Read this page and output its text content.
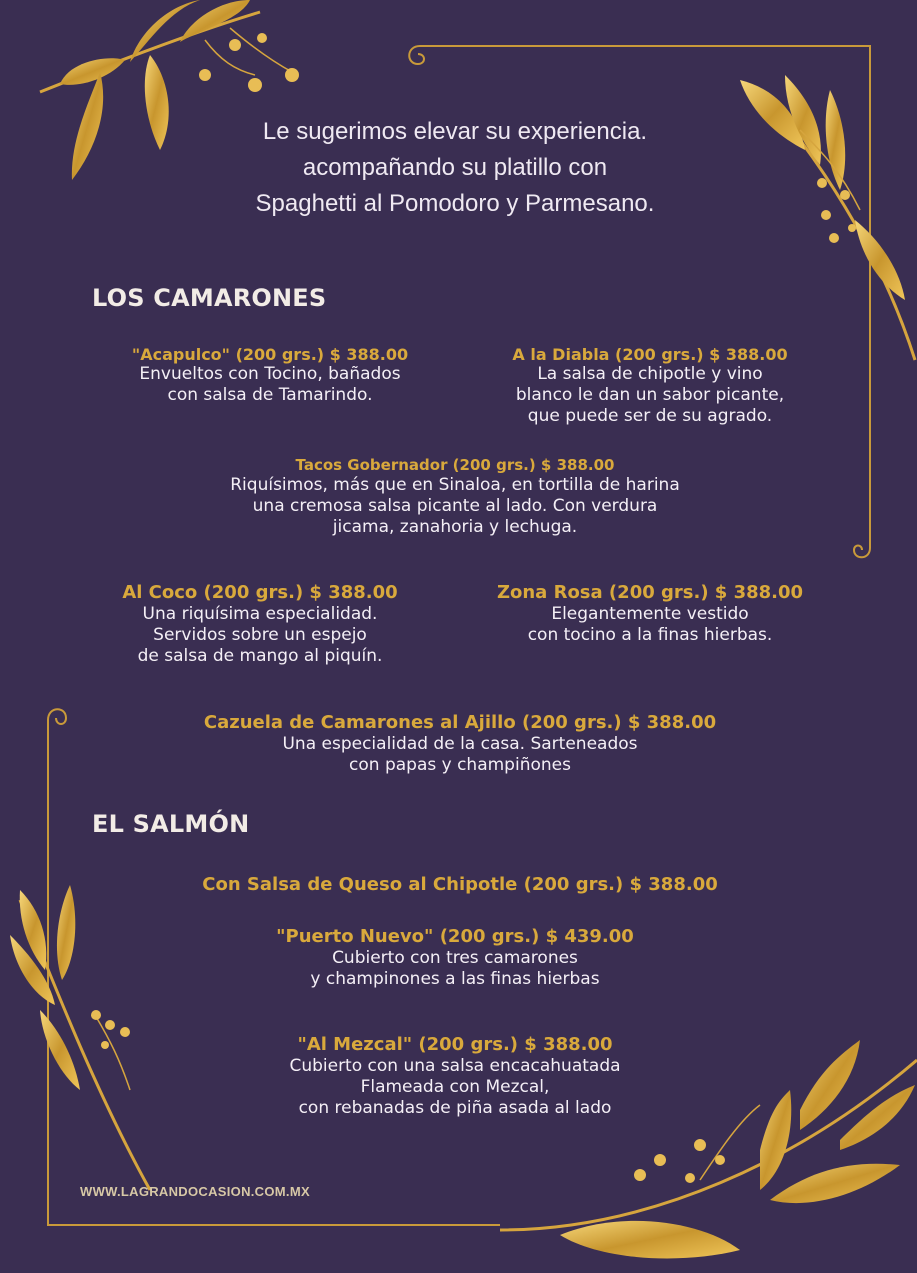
Le sugerimos elevar su experiencia.
acompañando su platillo con
Spaghetti al Pomodoro y Parmesano.
LOS CAMARONES
"Acapulco" (200 grs.) $ 388.00
Envueltos con Tocino, bañados
con salsa de Tamarindo.
A la Diabla (200 grs.) $ 388.00
La salsa de chipotle y vino
blanco le dan un sabor picante,
que puede ser de su agrado.
Tacos Gobernador (200 grs.) $ 388.00
Riquísimos, más que en Sinaloa, en tortilla de harina
una cremosa salsa picante al lado. Con verdura
jicama, zanahoria y lechuga.
Al Coco (200 grs.) $ 388.00
Una riquísima especialidad.
Servidos sobre un espejo
de salsa de mango al piquín.
Zona Rosa (200 grs.) $ 388.00
Elegantemente vestido
con tocino a la finas hierbas.
Cazuela de Camarones al Ajillo (200 grs.) $ 388.00
Una especialidad de la casa. Sarteneados
con papas y champiñones
EL SALMÓN
Con Salsa de Queso al Chipotle (200 grs.) $ 388.00
"Puerto Nuevo" (200 grs.) $ 439.00
Cubierto con tres camarones
y champinones a las finas hierbas
"Al Mezcal" (200 grs.) $ 388.00
Cubierto con una salsa encacahuatada
Flameada con Mezcal,
con rebanadas de piña asada al lado
WWW.LAGRANDOCASION.COM.MX
